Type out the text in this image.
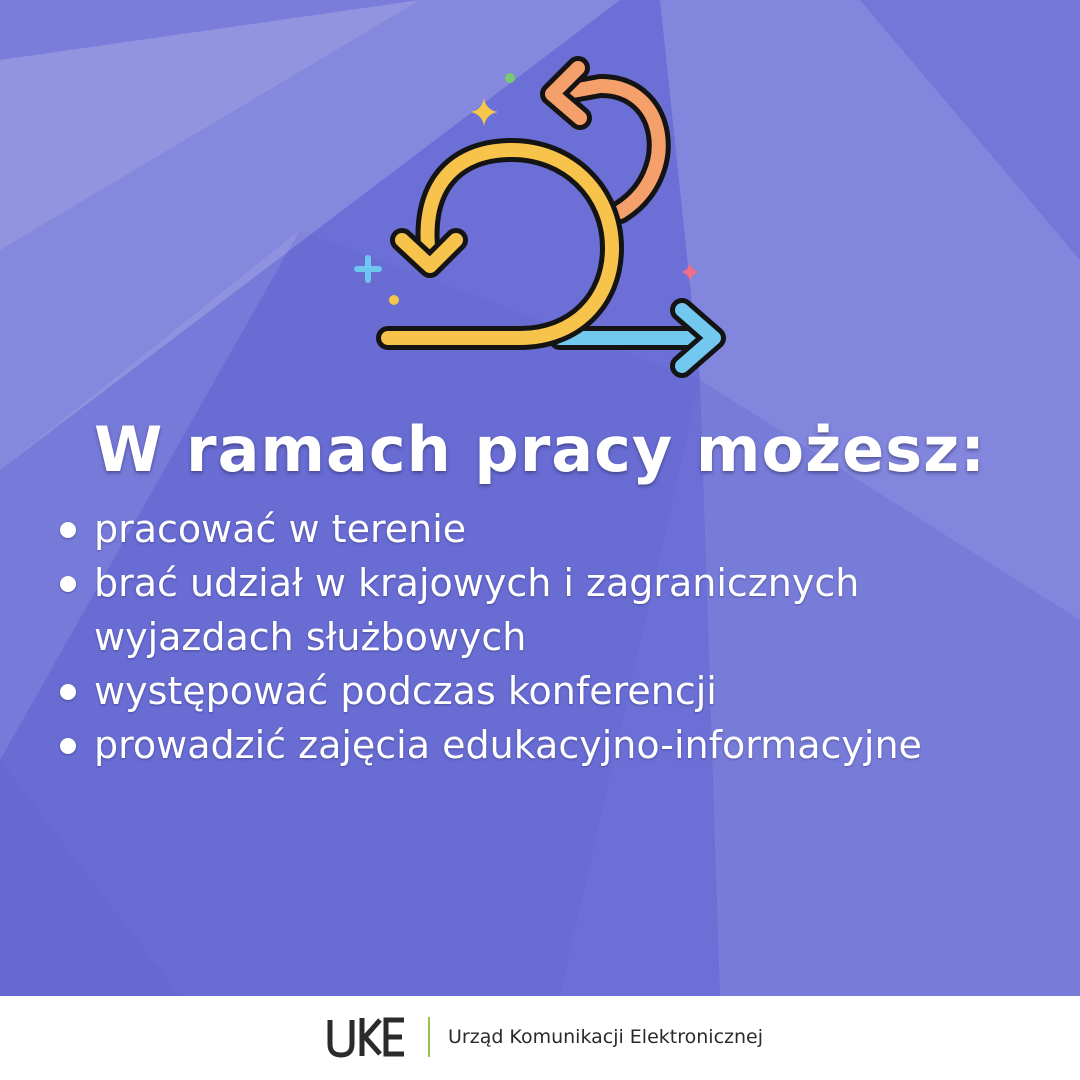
W ramach pracy możesz:
pracować w terenie
brać udział w krajowych i zagranicznych wyjazdach służbowych
występować podczas konferencji
prowadzić zajęcia edukacyjno-informacyjne
Urząd Komunikacji Elektronicznej
